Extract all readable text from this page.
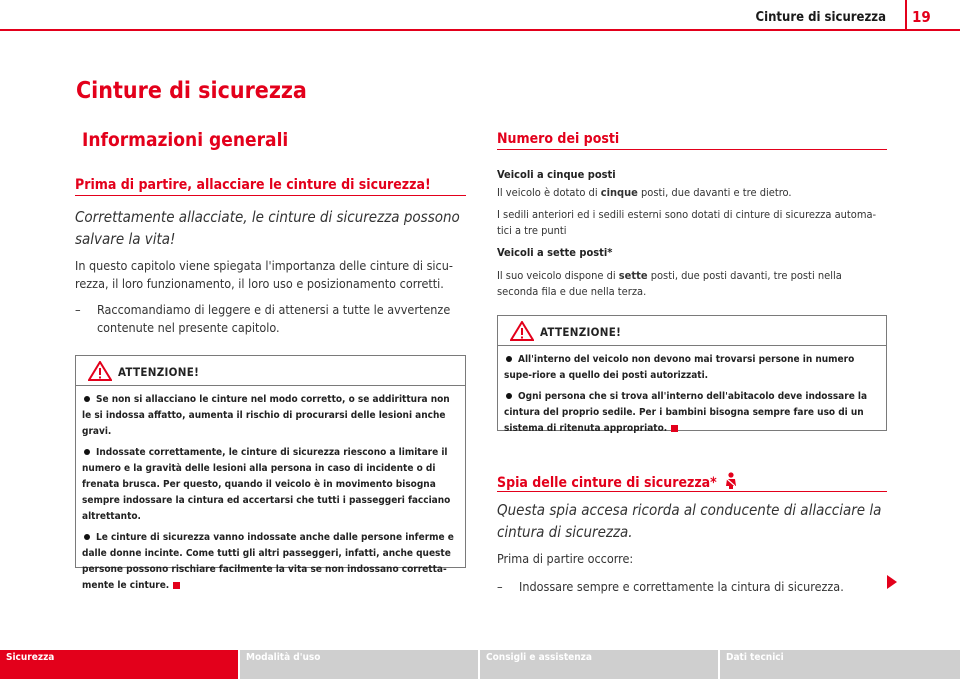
Cinture di sicurezza 19
Cinture di sicurezza
Informazioni generali
Prima di partire, allacciare le cinture di sicurezza!
Correttamente allacciate, le cinture di sicurezza possono salvare la vita!
In questo capitolo viene spiegata l'importanza delle cinture di sicu-
rezza, il loro funzionamento, il loro uso e posizionamento corretti.
– Raccomandiamo di leggere e di attenersi a tutte le avvertenze
contenute nel presente capitolo.
ATTENZIONE!
Se non si allacciano le cinture nel modo corretto, o se addirittura non le si indossa affatto, aumenta il rischio di procurarsi delle lesioni anche gravi.
Indossate correttamente, le cinture di sicurezza riescono a limitare il numero e la gravità delle lesioni alla persona in caso di incidente o di frenata brusca. Per questo, quando il veicolo è in movimento bisogna sempre indossare la cintura ed accertarsi che tutti i passeggeri facciano altrettanto.
Le cinture di sicurezza vanno indossate anche dalle persone inferme e dalle donne incinte. Come tutti gli altri passeggeri, infatti, anche queste persone possono rischiare facilmente la vita se non indossano corretta-mente le cinture.
Numero dei posti
Veicoli a cinque posti
Il veicolo è dotato di cinque posti, due davanti e tre dietro.
I sedili anteriori ed i sedili esterni sono dotati di cinture di sicurezza automa-tici a tre punti
Veicoli a sette posti*
Il suo veicolo dispone di sette posti, due posti davanti, tre posti nella seconda fila e due nella terza.
ATTENZIONE!
All'interno del veicolo non devono mai trovarsi persone in numero supe-riore a quello dei posti autorizzati.
Ogni persona che si trova all'interno dell'abitacolo deve indossare la cintura del proprio sedile. Per i bambini bisogna sempre fare uso di un sistema di ritenuta appropriato.
Spia delle cinture di sicurezza*
Questa spia accesa ricorda al conducente di allacciare la cintura di sicurezza.
Prima di partire occorre:
– Indossare sempre e correttamente la cintura di sicurezza.
Sicurezza	Modalità d'uso	Consigli e assistenza	Dati tecnici
